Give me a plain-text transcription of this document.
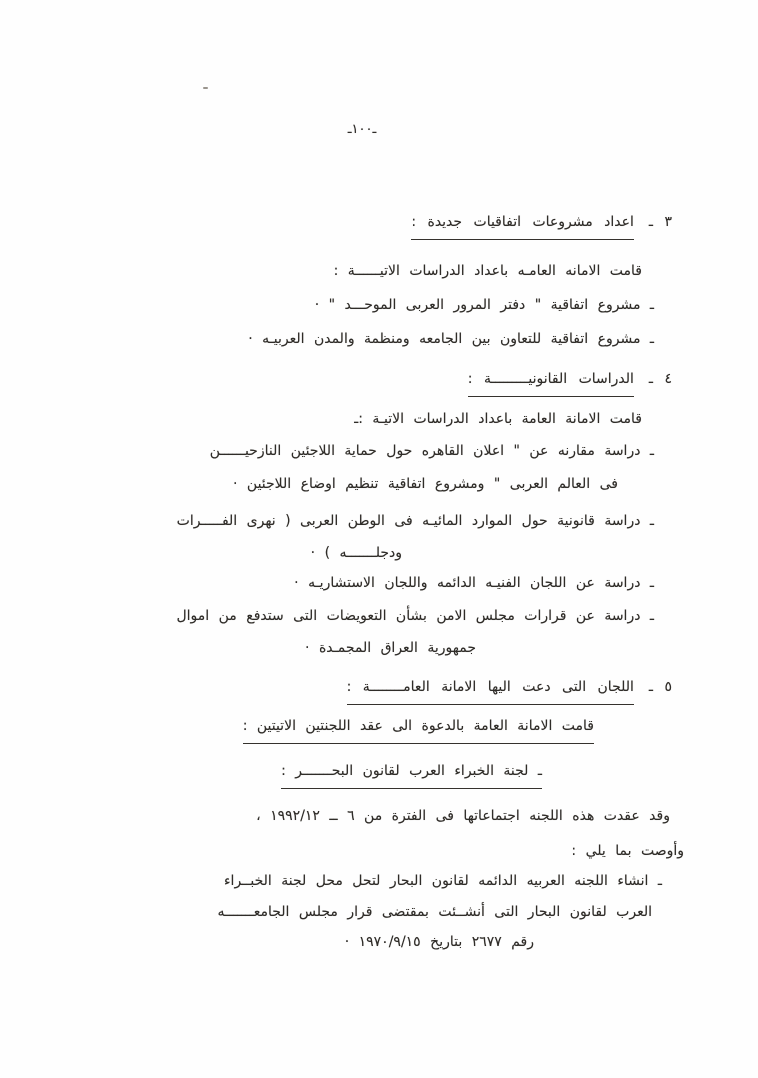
ـ١٠٠ـ
٣ ـاعداد مشروعات اتفاقيات جديدة :
قامت الامانه العامـه باعداد الدراسات الاتيــــــة :
ـ مشروع اتفاقية " دفتر المرور العربى الموحـــد " ·
ـ مشروع اتفاقية للتعاون بين الجامعه ومنظمة والمدن العربيـه ·
٤ ـالدراسات القانونيـــــــــة :
قامت الامانة العامة باعداد الدراسات الاتيـة :ـ
ـ دراسة مقارنه عن " اعلان القاهره حول حماية اللاجئين النازحيــــــن
فى العالم العربى " ومشروع اتفاقية تنظيم اوضاع اللاجئين ·
ـ دراسة قانونية حول الموارد المائيـه فى الوطن العربى ( نهرى الفـــــرات
ودجلـــــــه ) ·
ـ دراسة عن اللجان الفنيـه الدائمه واللجان الاستشاريـه ·
ـ دراسة عن قرارات مجلس الامن بشأن التعويضات التى ستدفع من اموال
جمهورية العراق المجمـدة ·
٥ ـاللجان التى دعت اليها الامانة العامــــــــة :
قامت الامانة العامة بالدعوة الى عقد اللجنتين الاتيتين :
ـ لجنة الخبراء العرب لقانون البحـــــــر :
وقد عقدت هذه اللجنه اجتماعاتها فى الفترة من ٦ ــ ١٩٩٢/١٢ ،
وأوصت بما يلي :
ـ انشاء اللجنه العربيه الدائمه لقانون البحار لتحل محل لجنة الخبــراء
العرب لقانون البحار التى أنشــئت بمقتضى قرار مجلس الجامعـــــــه
رقم ٢٦٧٧ بتاريخ ١٩٧٠/٩/١٥ ·
